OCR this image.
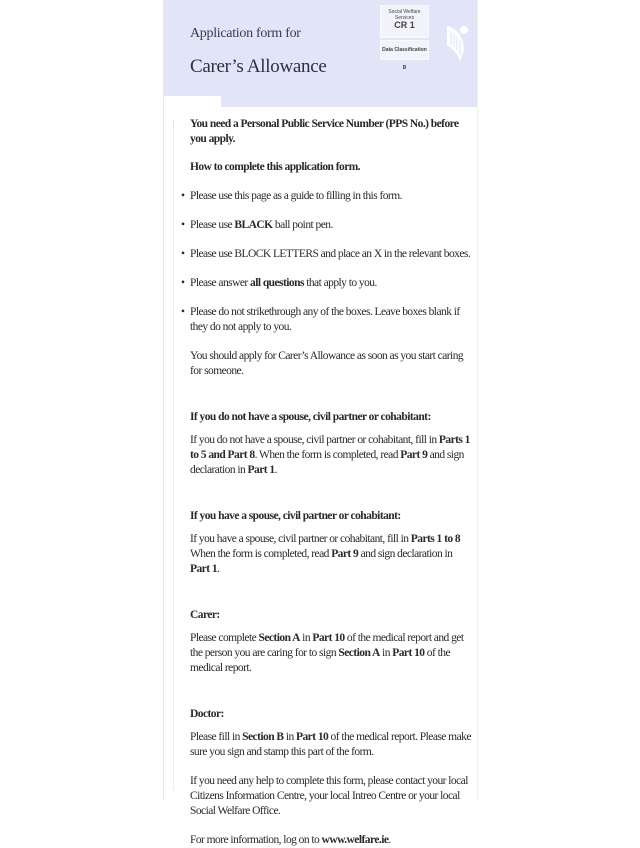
Application form for
Carer’s Allowance
Social Welfare Services
CR 1
Data Classification B

You need a Personal Public Service Number (PPS No.) before you apply.

How to complete this application form.

• Please use this page as a guide to filling in this form.
• Please use BLACK ball point pen.
• Please use BLOCK LETTERS and place an X in the relevant boxes.
• Please answer all questions that apply to you.
• Please do not strikethrough any of the boxes. Leave boxes blank if they do not apply to you.

You should apply for Carer’s Allowance as soon as you start caring for someone.

If you do not have a spouse, civil partner or cohabitant:

If you do not have a spouse, civil partner or cohabitant, fill in Parts 1 to 5 and Part 8. When the form is completed, read Part 9 and sign declaration in Part 1.

If you have a spouse, civil partner or cohabitant:

If you have a spouse, civil partner or cohabitant, fill in Parts 1 to 8
When the form is completed, read Part 9 and sign declaration in Part 1.

Carer:

Please complete Section A in Part 10 of the medical report and get the person you are caring for to sign Section A in Part 10 of the medical report.

Doctor:

Please fill in Section B in Part 10 of the medical report. Please make sure you sign and stamp this part of the form.

If you need any help to complete this form, please contact your local Citizens Information Centre, your local Intreo Centre or your local Social Welfare Office.

For more information, log on to www.welfare.ie.
